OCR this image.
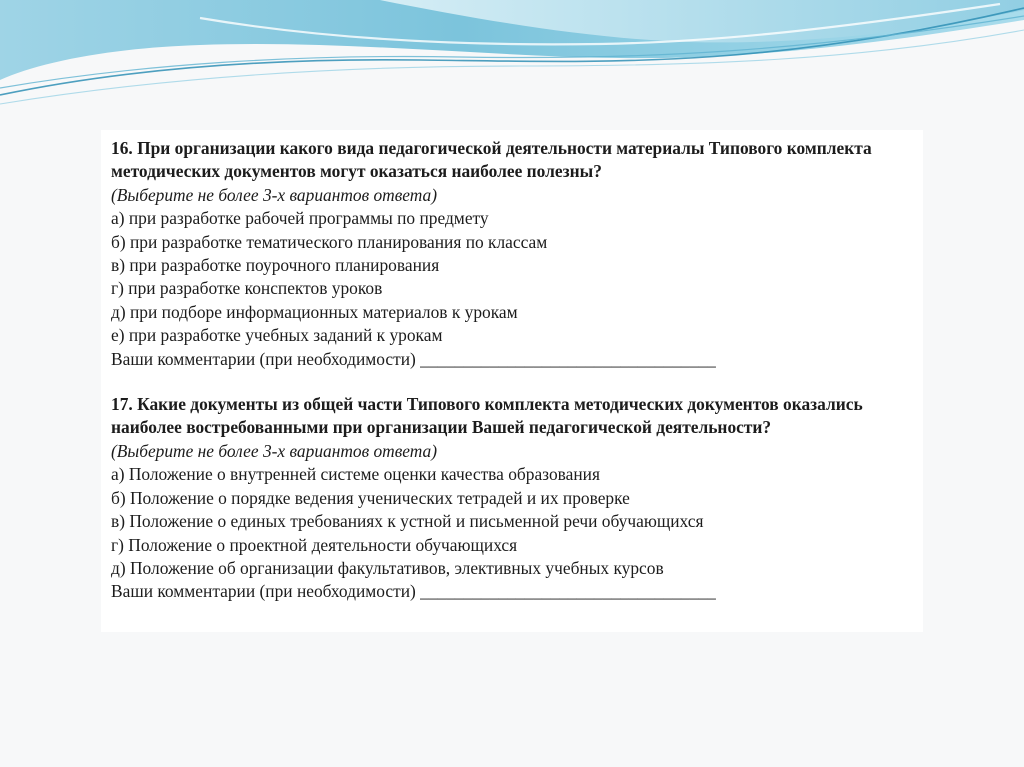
16. При организации какого вида педагогической деятельности материалы Типового комплекта методических документов могут оказаться наиболее полезны?
(Выберите не более 3-х вариантов ответа)
а) при разработке рабочей программы по предмету
б) при разработке тематического планирования по классам
в) при разработке поурочного планирования
г) при разработке конспектов уроков
д) при подборе информационных материалов к урокам
е) при разработке учебных заданий к урокам
Ваши комментарии (при необходимости) __________________________________
17. Какие документы из общей части Типового комплекта методических документов оказались наиболее востребованными при организации Вашей педагогической деятельности?
(Выберите не более 3-х вариантов ответа)
а) Положение о внутренней системе оценки качества образования
б) Положение о порядке ведения ученических тетрадей и их проверке
в) Положение о единых требованиях к устной и письменной речи обучающихся
г) Положение о проектной деятельности обучающихся
д) Положение об организации факультативов, элективных учебных курсов
Ваши комментарии (при необходимости) __________________________________
